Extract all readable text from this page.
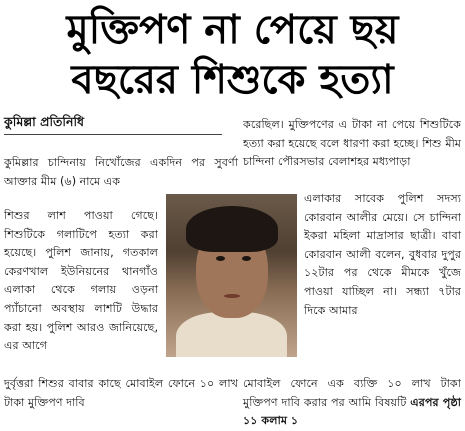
মুক্তিপণ না পেয়ে ছয়
বছরের শিশুকে হত্যা
কুমিল্লা প্রতিনিধি
কুমিল্লার চান্দিনায় নিখোঁজের একদিন পর সুবর্ণা আক্তার মীম (৬) নামে এক
শিশুর লাশ পাওয়া গেছে। শিশুটিকে গলাটিপে হত্যা করা হয়েছে। পুলিশ জানায়, গতকাল কেরণখাল ইউনিয়নের থানগাঁও এলাকা থেকে গলায় ওড়না প্যাঁচানো অবস্থায় লাশটি উদ্ধার করা হয়। পুলিশ আরও জানিয়েছে, এর আগে
দুর্বৃত্তরা শিশুর বাবার কাছে মোবাইল ফোনে ১০ লাখ টাকা মুক্তিপণ দাবি
করেছিল। মুক্তিপণের এ টাকা না পেয়ে শিশুটিকে হত্যা করা হয়েছে বলে ধারণা করা হচ্ছে। শিশু মীম চান্দিনা পৌরসভার বেলাশহর মধ্যপাড়া
এলাকার সাবেক পুলিশ সদস্য কোরবান আলীর মেয়ে। সে চান্দিনা ইকরা মহিলা মাদ্রাসার ছাত্রী। বাবা কোরবান আলী বলেন, বুধবার দুপুর ১২টার পর থেকে মীমকে খুঁজে পাওয়া যাচ্ছিল না। সন্ধ্যা ৭টার দিকে আমার
মোবাইল ফোনে এক ব্যক্তি ১০ লাখ টাকা মুক্তিপণ দাবি করার পর আমি বিষয়টি এরপর পৃষ্ঠা ১১ কলাম ১
